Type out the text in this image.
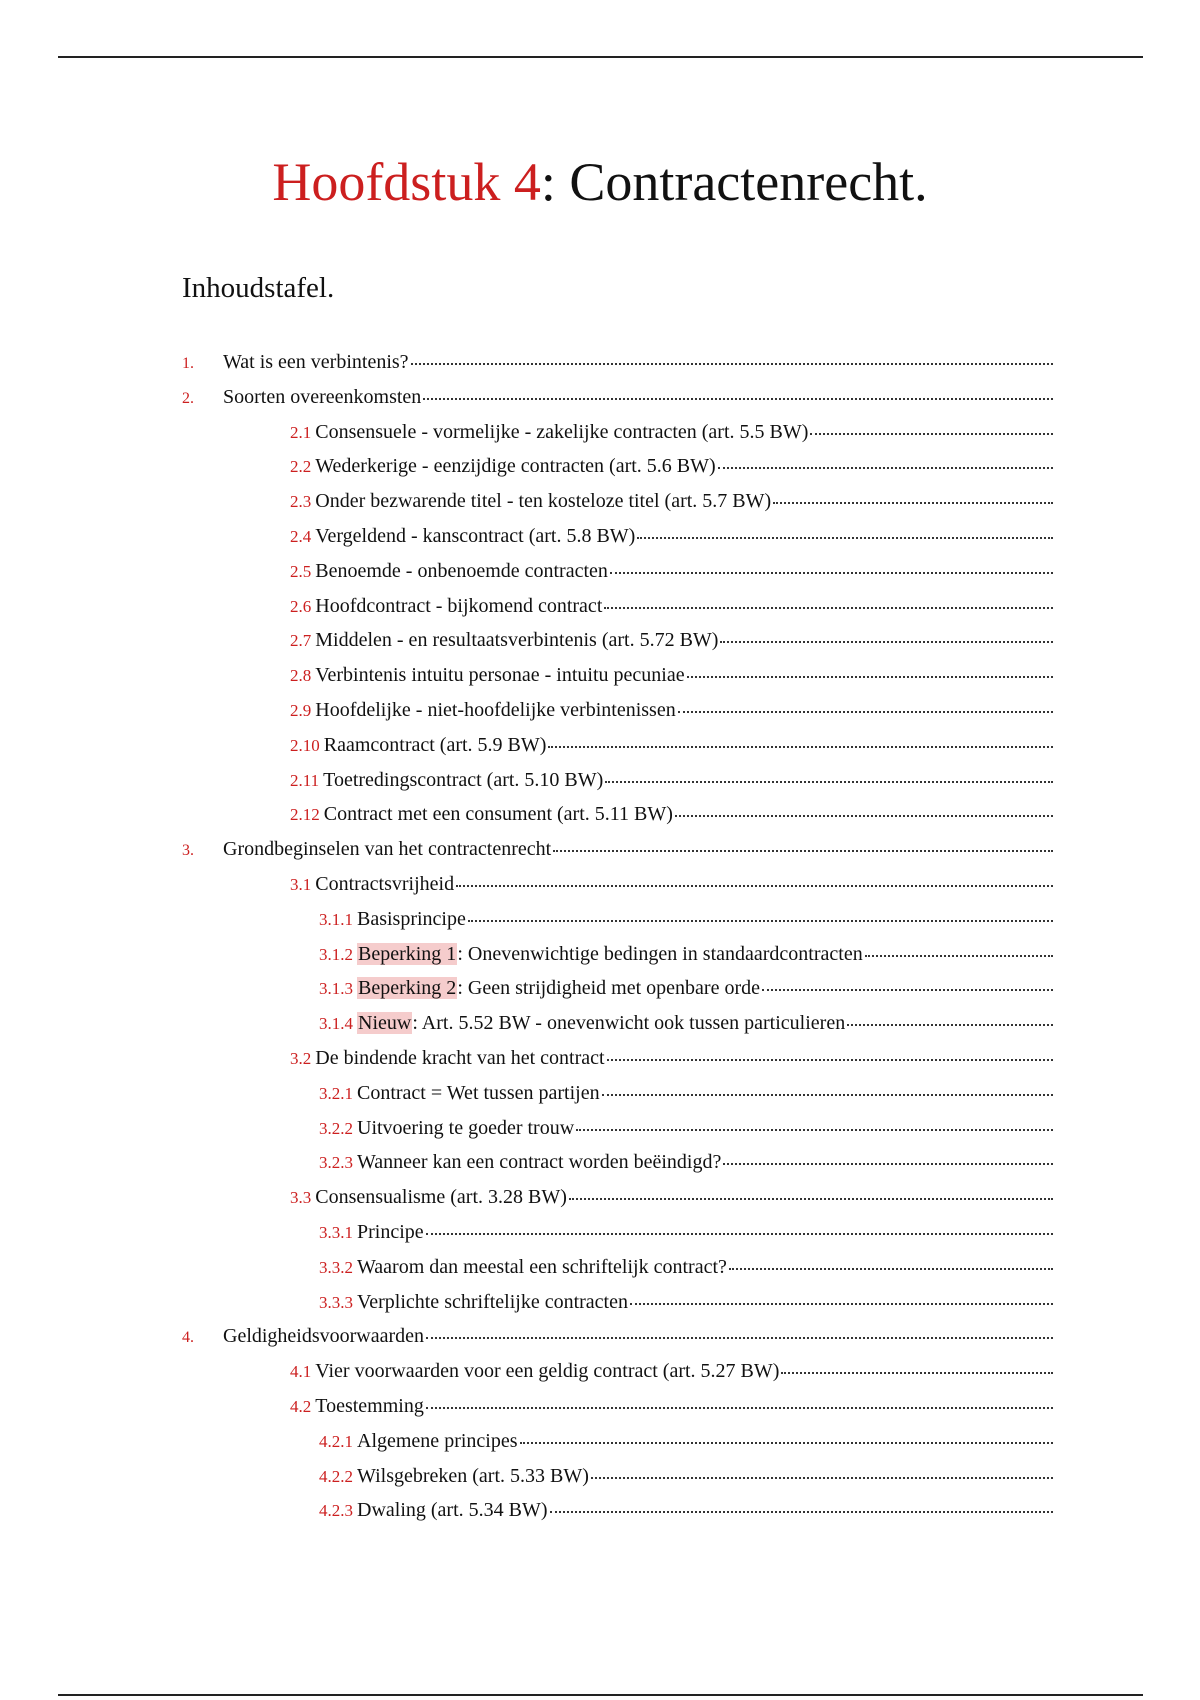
Hoofdstuk 4: Contractenrecht.
Inhoudstafel.
1.	Wat is een verbintenis?
2.	Soorten overeenkomsten
2.1 Consensuele - vormelijke - zakelijke contracten (art. 5.5 BW)
2.2 Wederkerige - eenzijdige contracten (art. 5.6 BW)
2.3 Onder bezwarende titel - ten kosteloze titel (art. 5.7 BW)
2.4 Vergeldend - kanscontract (art. 5.8 BW)
2.5 Benoemde - onbenoemde contracten
2.6 Hoofdcontract - bijkomend contract
2.7 Middelen - en resultaatsverbintenis (art. 5.72 BW)
2.8 Verbintenis intuitu personae - intuitu pecuniae
2.9 Hoofdelijke - niet-hoofdelijke verbintenissen
2.10 Raamcontract (art. 5.9 BW)
2.11 Toetredingscontract (art. 5.10 BW)
2.12 Contract met een consument (art. 5.11 BW)
3.	Grondbeginselen van het contractenrecht
3.1 Contractsvrijheid
3.1.1 Basisprincipe
3.1.2 Beperking 1: Onevenwichtige bedingen in standaardcontracten
3.1.3 Beperking 2: Geen strijdigheid met openbare orde
3.1.4 Nieuw: Art. 5.52 BW - onevenwicht ook tussen particulieren
3.2 De bindende kracht van het contract
3.2.1 Contract = Wet tussen partijen
3.2.2 Uitvoering te goeder trouw
3.2.3 Wanneer kan een contract worden beëindigd?
3.3 Consensualisme (art. 3.28 BW)
3.3.1 Principe
3.3.2 Waarom dan meestal een schriftelijk contract?
3.3.3 Verplichte schriftelijke contracten
4.	Geldigheidsvoorwaarden
4.1 Vier voorwaarden voor een geldig contract (art. 5.27 BW)
4.2 Toestemming
4.2.1 Algemene principes
4.2.2 Wilsgebreken (art. 5.33 BW)
4.2.3 Dwaling (art. 5.34 BW)
